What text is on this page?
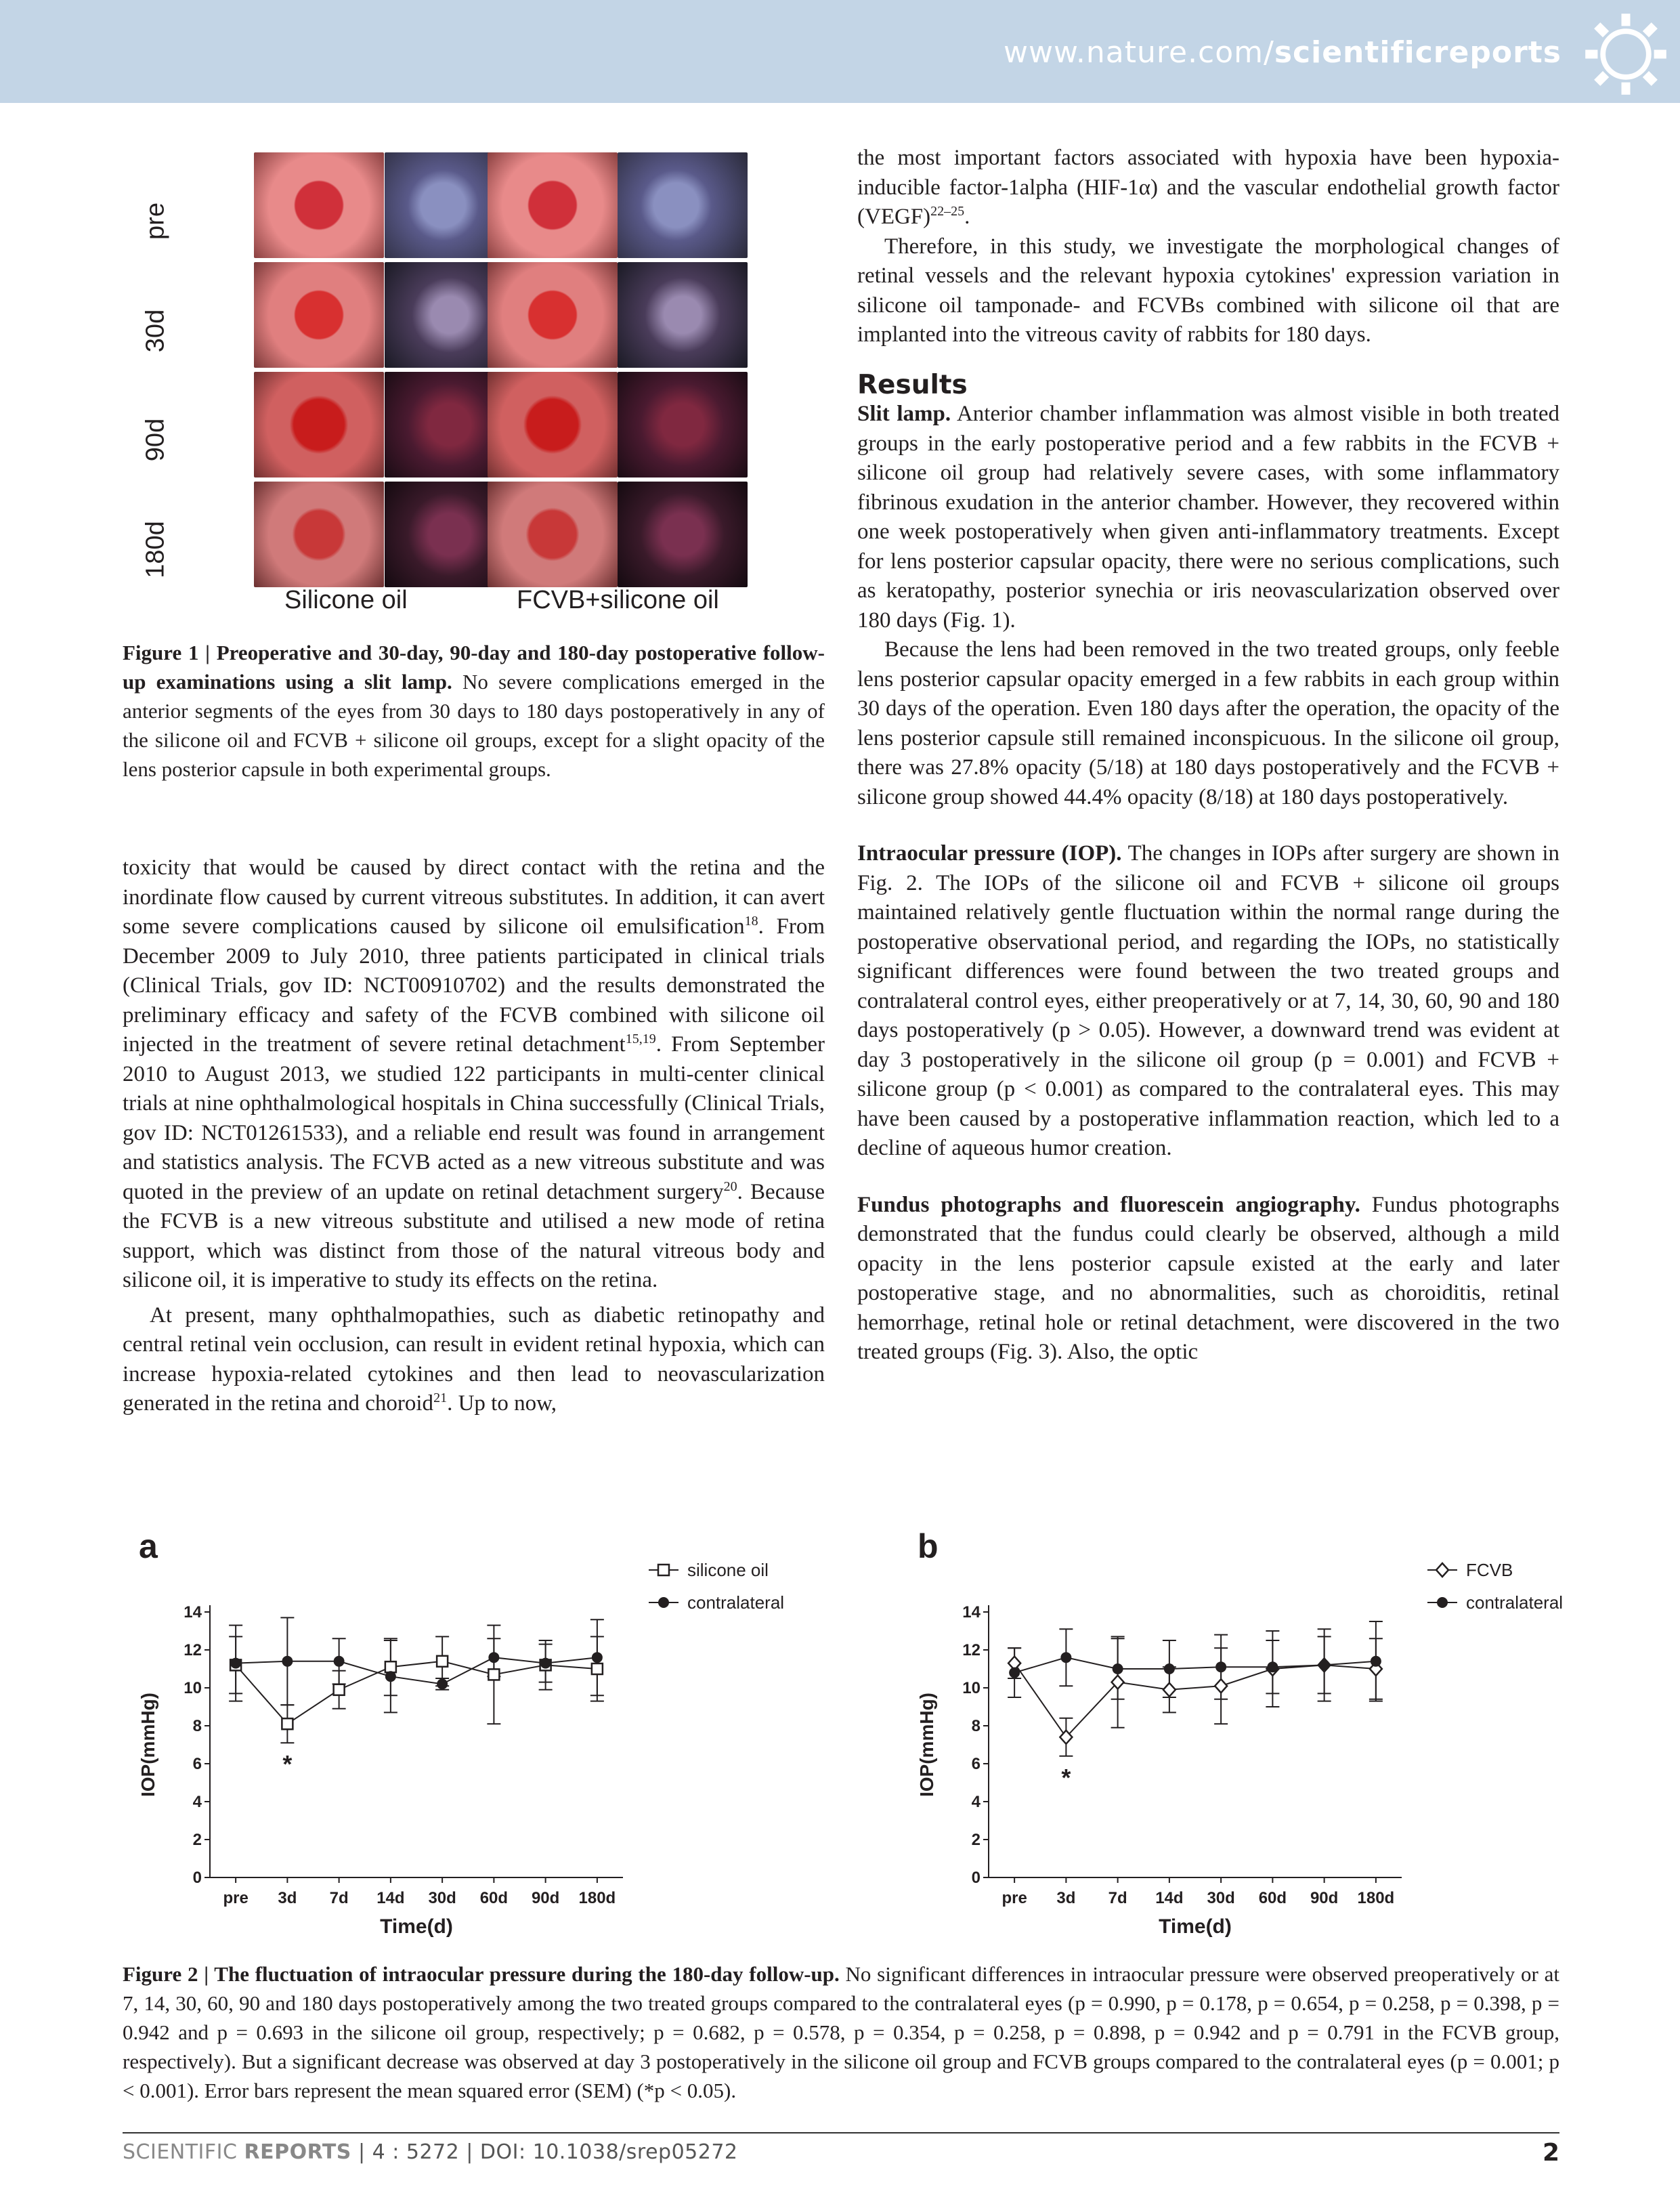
www.nature.com/scientificreports
pre
30d
90d
180d
Silicone oil	FCVB+silicone oil
Figure 1 | Preoperative and 30-day, 90-day and 180-day postoperative follow-up examinations using a slit lamp. No severe complications emerged in the anterior segments of the eyes from 30 days to 180 days postoperatively in any of the silicone oil and FCVB + silicone oil groups, except for a slight opacity of the lens posterior capsule in both experimental groups.

toxicity that would be caused by direct contact with the retina and the inordinate flow caused by current vitreous substitutes. In addition, it can avert some severe complications caused by silicone oil emulsification$^{18}$. From December 2009 to July 2010, three patients participated in clinical trials (Clinical Trials, gov ID: NCT00910702) and the results demonstrated the preliminary efficacy and safety of the FCVB combined with silicone oil injected in the treatment of severe retinal detachment$^{15,19}$. From September 2010 to August 2013, we studied 122 participants in multi-center clinical trials at nine ophthalmological hospitals in China successfully (Clinical Trials, gov ID: NCT01261533), and a reliable end result was found in arrangement and statistics analysis. The FCVB acted as a new vitreous substitute and was quoted in the preview of an update on retinal detachment surgery$^{20}$. Because the FCVB is a new vitreous substitute and utilised a new mode of retina support, which was distinct from those of the natural vitreous body and silicone oil, it is imperative to study its effects on the retina.

At present, many ophthalmopathies, such as diabetic retinopathy and central retinal vein occlusion, can result in evident retinal hypoxia, which can increase hypoxia-related cytokines and then lead to neovascularization generated in the retina and choroid$^{21}$. Up to now,

the most important factors associated with hypoxia have been hypoxia-inducible factor-1alpha (HIF-1α) and the vascular endothelial growth factor (VEGF)$^{22-25}$.

Therefore, in this study, we investigate the morphological changes of retinal vessels and the relevant hypoxia cytokines' expression variation in silicone oil tamponade- and FCVBs combined with silicone oil that are implanted into the vitreous cavity of rabbits for 180 days.

Results

Slit lamp. Anterior chamber inflammation was almost visible in both treated groups in the early postoperative period and a few rabbits in the FCVB + silicone oil group had relatively severe cases, with some inflammatory fibrinous exudation in the anterior chamber. However, they recovered within one week postoperatively when given anti-inflammatory treatments. Except for lens posterior capsular opacity, there were no serious complications, such as keratopathy, posterior synechia or iris neovascularization observed over 180 days (Fig. 1).

Because the lens had been removed in the two treated groups, only feeble lens posterior capsular opacity emerged in a few rabbits in each group within 30 days of the operation. Even 180 days after the operation, the opacity of the lens posterior capsule still remained inconspicuous. In the silicone oil group, there was 27.8% opacity (5/18) at 180 days postoperatively and the FCVB + silicone group showed 44.4% opacity (8/18) at 180 days postoperatively.

Intraocular pressure (IOP). The changes in IOPs after surgery are shown in Fig. 2. The IOPs of the silicone oil and FCVB + silicone oil groups maintained relatively gentle fluctuation within the normal range during the postoperative observational period, and regarding the IOPs, no statistically significant differences were found between the two treated groups and contralateral control eyes, either preoperatively or at 7, 14, 30, 60, 90 and 180 days postoperatively (p > 0.05). However, a downward trend was evident at day 3 postoperatively in the silicone oil group (p = 0.001) and FCVB + silicone group (p < 0.001) as compared to the contralateral eyes. This may have been caused by a postoperative inflammation reaction, which led to a decline of aqueous humor creation.

Fundus photographs and fluorescein angiography. Fundus photographs demonstrated that the fundus could clearly be observed, although a mild opacity in the lens posterior capsule existed at the early and later postoperative stage, and no abnormalities, such as choroiditis, retinal hemorrhage, retinal hole or retinal detachment, were discovered in the two treated groups (Fig. 3). Also, the optic

a
0
2
4
6
8
10
12
14
pre 3d 7d 14d 30d 60d 90d 180d
Time(d)
IOP(mmHg)	*
silicone oil
contralateral
b
0
2
4
6
8
10
12
14
pre 3d 7d 14d 30d 60d 90d 180d
Time(d)
IOP(mmHg)	*
FCVB
contralateral
Figure 2 | The fluctuation of intraocular pressure during the 180-day follow-up. No significant differences in intraocular pressure were observed preoperatively or at 7, 14, 30, 60, 90 and 180 days postoperatively among the two treated groups compared to the contralateral eyes (p = 0.990, p = 0.178, p = 0.654, p = 0.258, p = 0.398, p = 0.942 and p = 0.693 in the silicone oil group, respectively; p = 0.682, p = 0.578, p = 0.354, p = 0.258, p = 0.898, p = 0.942 and p = 0.791 in the FCVB group, respectively). But a significant decrease was observed at day 3 postoperatively in the silicone oil group and FCVB groups compared to the contralateral eyes (p = 0.001; p < 0.001). Error bars represent the mean squared error (SEM) (*p < 0.05).
SCIENTIFIC REPORTS | 4 : 5272 | DOI: 10.1038/srep05272	2
